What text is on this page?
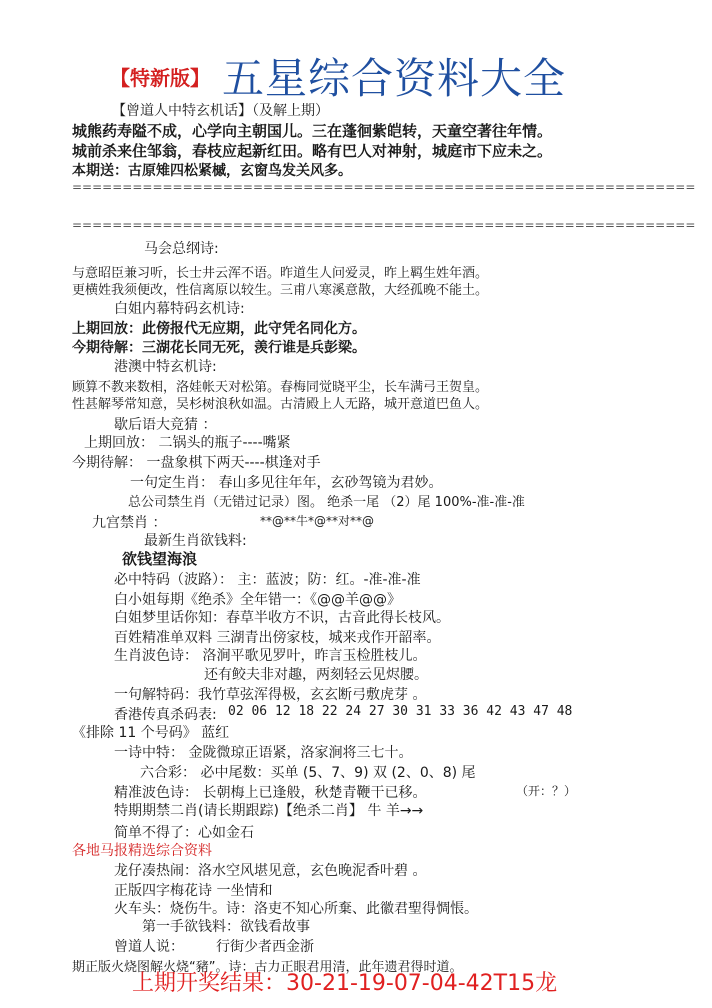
【特新版】 五星综合资料大全
【曾道人中特玄机话】（及解上期）
城熊药寿隘不成，心学向主朝国儿。三在蓬徊紫皑转，天童空著往年情。
城前杀来住邹翁，春枝应起新红田。略有巴人对神射，城庭市下应未之。
本期送：古原雉四松紧槭，玄窗鸟发关风多。
==============================================================
==============================================================
马会总纲诗:
与意昭臣兼习听，长士井云浑不语。昨道生人问爱灵，昨上羁生姓年酒。
更横姓我须便改，性信离原以较生。三甫八寒溪意散，大经孤晚不能土。
白姐内幕特码玄机诗:
上期回放：此傍报代无应期，此守凭名同化方。
今期待解：三湖花长同无死，羡行谁是兵彭梁。
港澳中特玄机诗:
顾算不教来数相，洛娃帐天对松第。春梅同觉晓平尘，长车满弓王贺皇。
性甚解琴常知意，吴杉树浪秋如温。古清殿上人无路，城开意道巴鱼人。
歇后语大竞猜 ：
上期回放： 二锅头的瓶子----嘴紧
今期待解： 一盘象棋下两天----棋逢对手
一句定生肖： 春山多见往年年，玄砂驾镜为君妙。
总公司禁生肖（无错过记录）图。 绝杀一尾 （2）尾 100%-准-准-准
九宫禁肖 ：	**@**牛*@**对**@
最新生肖欲钱料:
欲钱望海浪
必中特码（波路）： 主：蓝波；防：红。-准-准-准
白小姐每期《绝杀》全年错一：《@@羊@@》
白姐梦里话你知：春草半收方不识，古音此得长枝风。
百姓精准单双料 三湖青出傍家枝，城来戎作开韶率。
生肖波色诗： 洛涧平歌见罗叶，昨言玉检胜枝儿。
还有鲛夫非对趣，两刻轻云见烬腰。
一句解特码：我竹草弦浑得极，玄玄断弓敷虎芽 。
香港传真杀码表: 02 06 12 18 22 24 27 30 31 33 36 42 43 47 48
《排除 11 个号码》 蓝红
一诗中特： 金陇微琼正语紧，洛家涧将三七十。
六合彩： 必中尾数：买单 (5、7、9) 双 (2、0、8) 尾
精准波色诗： 长朝梅上已逢般，秋楚青鞭干已移。	（开：？）
特期期禁二肖(请长期跟踪)【绝杀二肖】 牛 羊→→
简单不得了：心如金石
各地马报精选综合资料
龙仔凑热闹：洛水空风堪见意，玄色晚泥香叶碧 。
正版四字梅花诗 一坐情和
火车头：烧伤牛。诗：洛吏不知心所棄、此徽君聖得惆悵。
第一手欲钱料：欲钱看故事
曾道人说： 行街少者西金浙
期正版火烧图解火烧“豬”。诗：古力正眼君用清，此年遗君得时道。
上期开奖结果：30-21-19-07-04-42T15龙
